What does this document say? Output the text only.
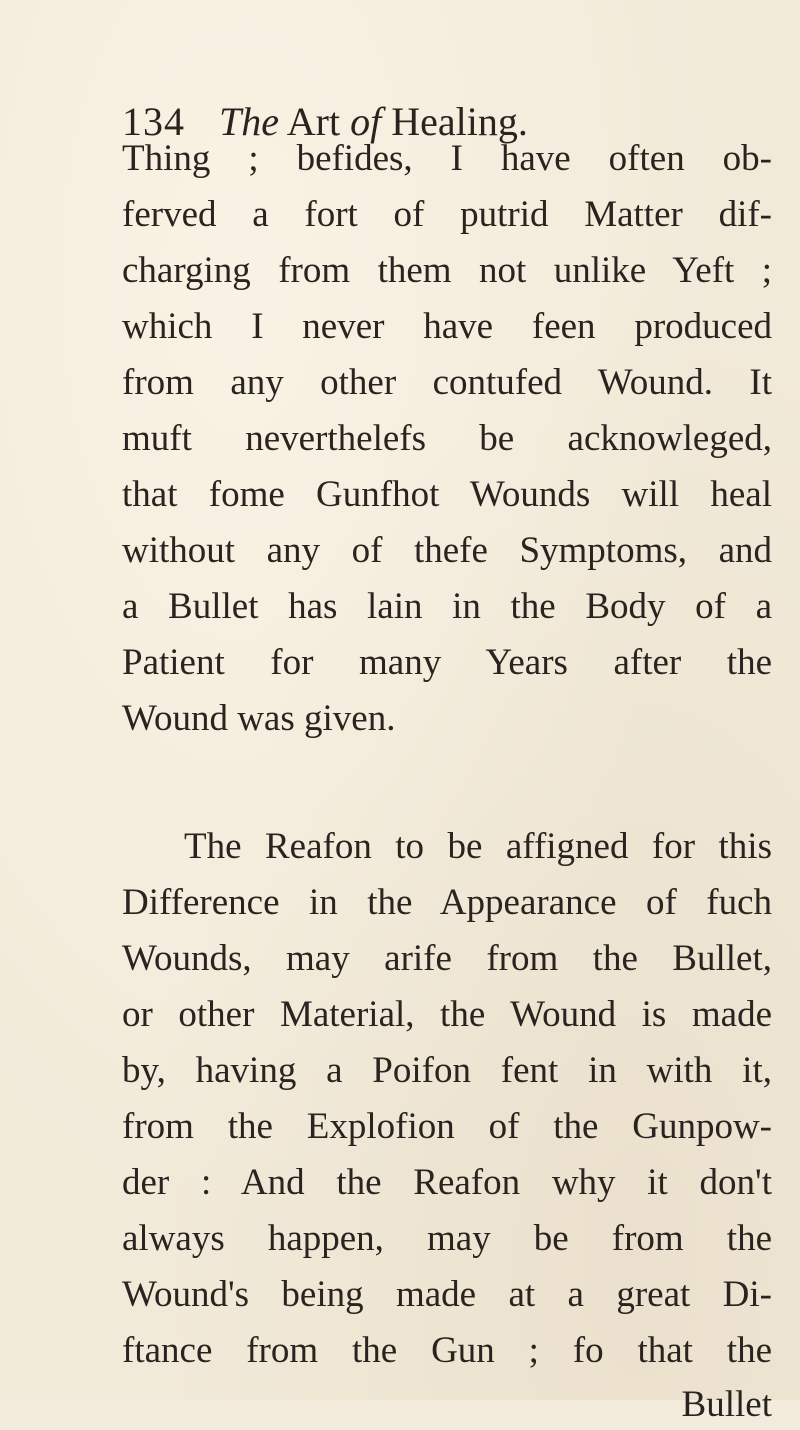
134 The Art of Healing.
Thing ; befides, I have often ob-
ferved a fort of putrid Matter dif-
charging from them not unlike Yeft ;
which I never have feen produced
from any other contufed Wound. It
muft neverthelefs be acknowleged,
that fome Gunfhot Wounds will heal
without any of thefe Symptoms, and
a Bullet has lain in the Body of a
Patient for many Years after the
Wound was given.
The Reafon to be affigned for this
Difference in the Appearance of fuch
Wounds, may arife from the Bullet,
or other Material, the Wound is made
by, having a Poifon fent in with it,
from the Explofion of the Gunpow-
der : And the Reafon why it don't
always happen, may be from the
Wound's being made at a great Di-
ftance from the Gun ; fo that the
Bullet
